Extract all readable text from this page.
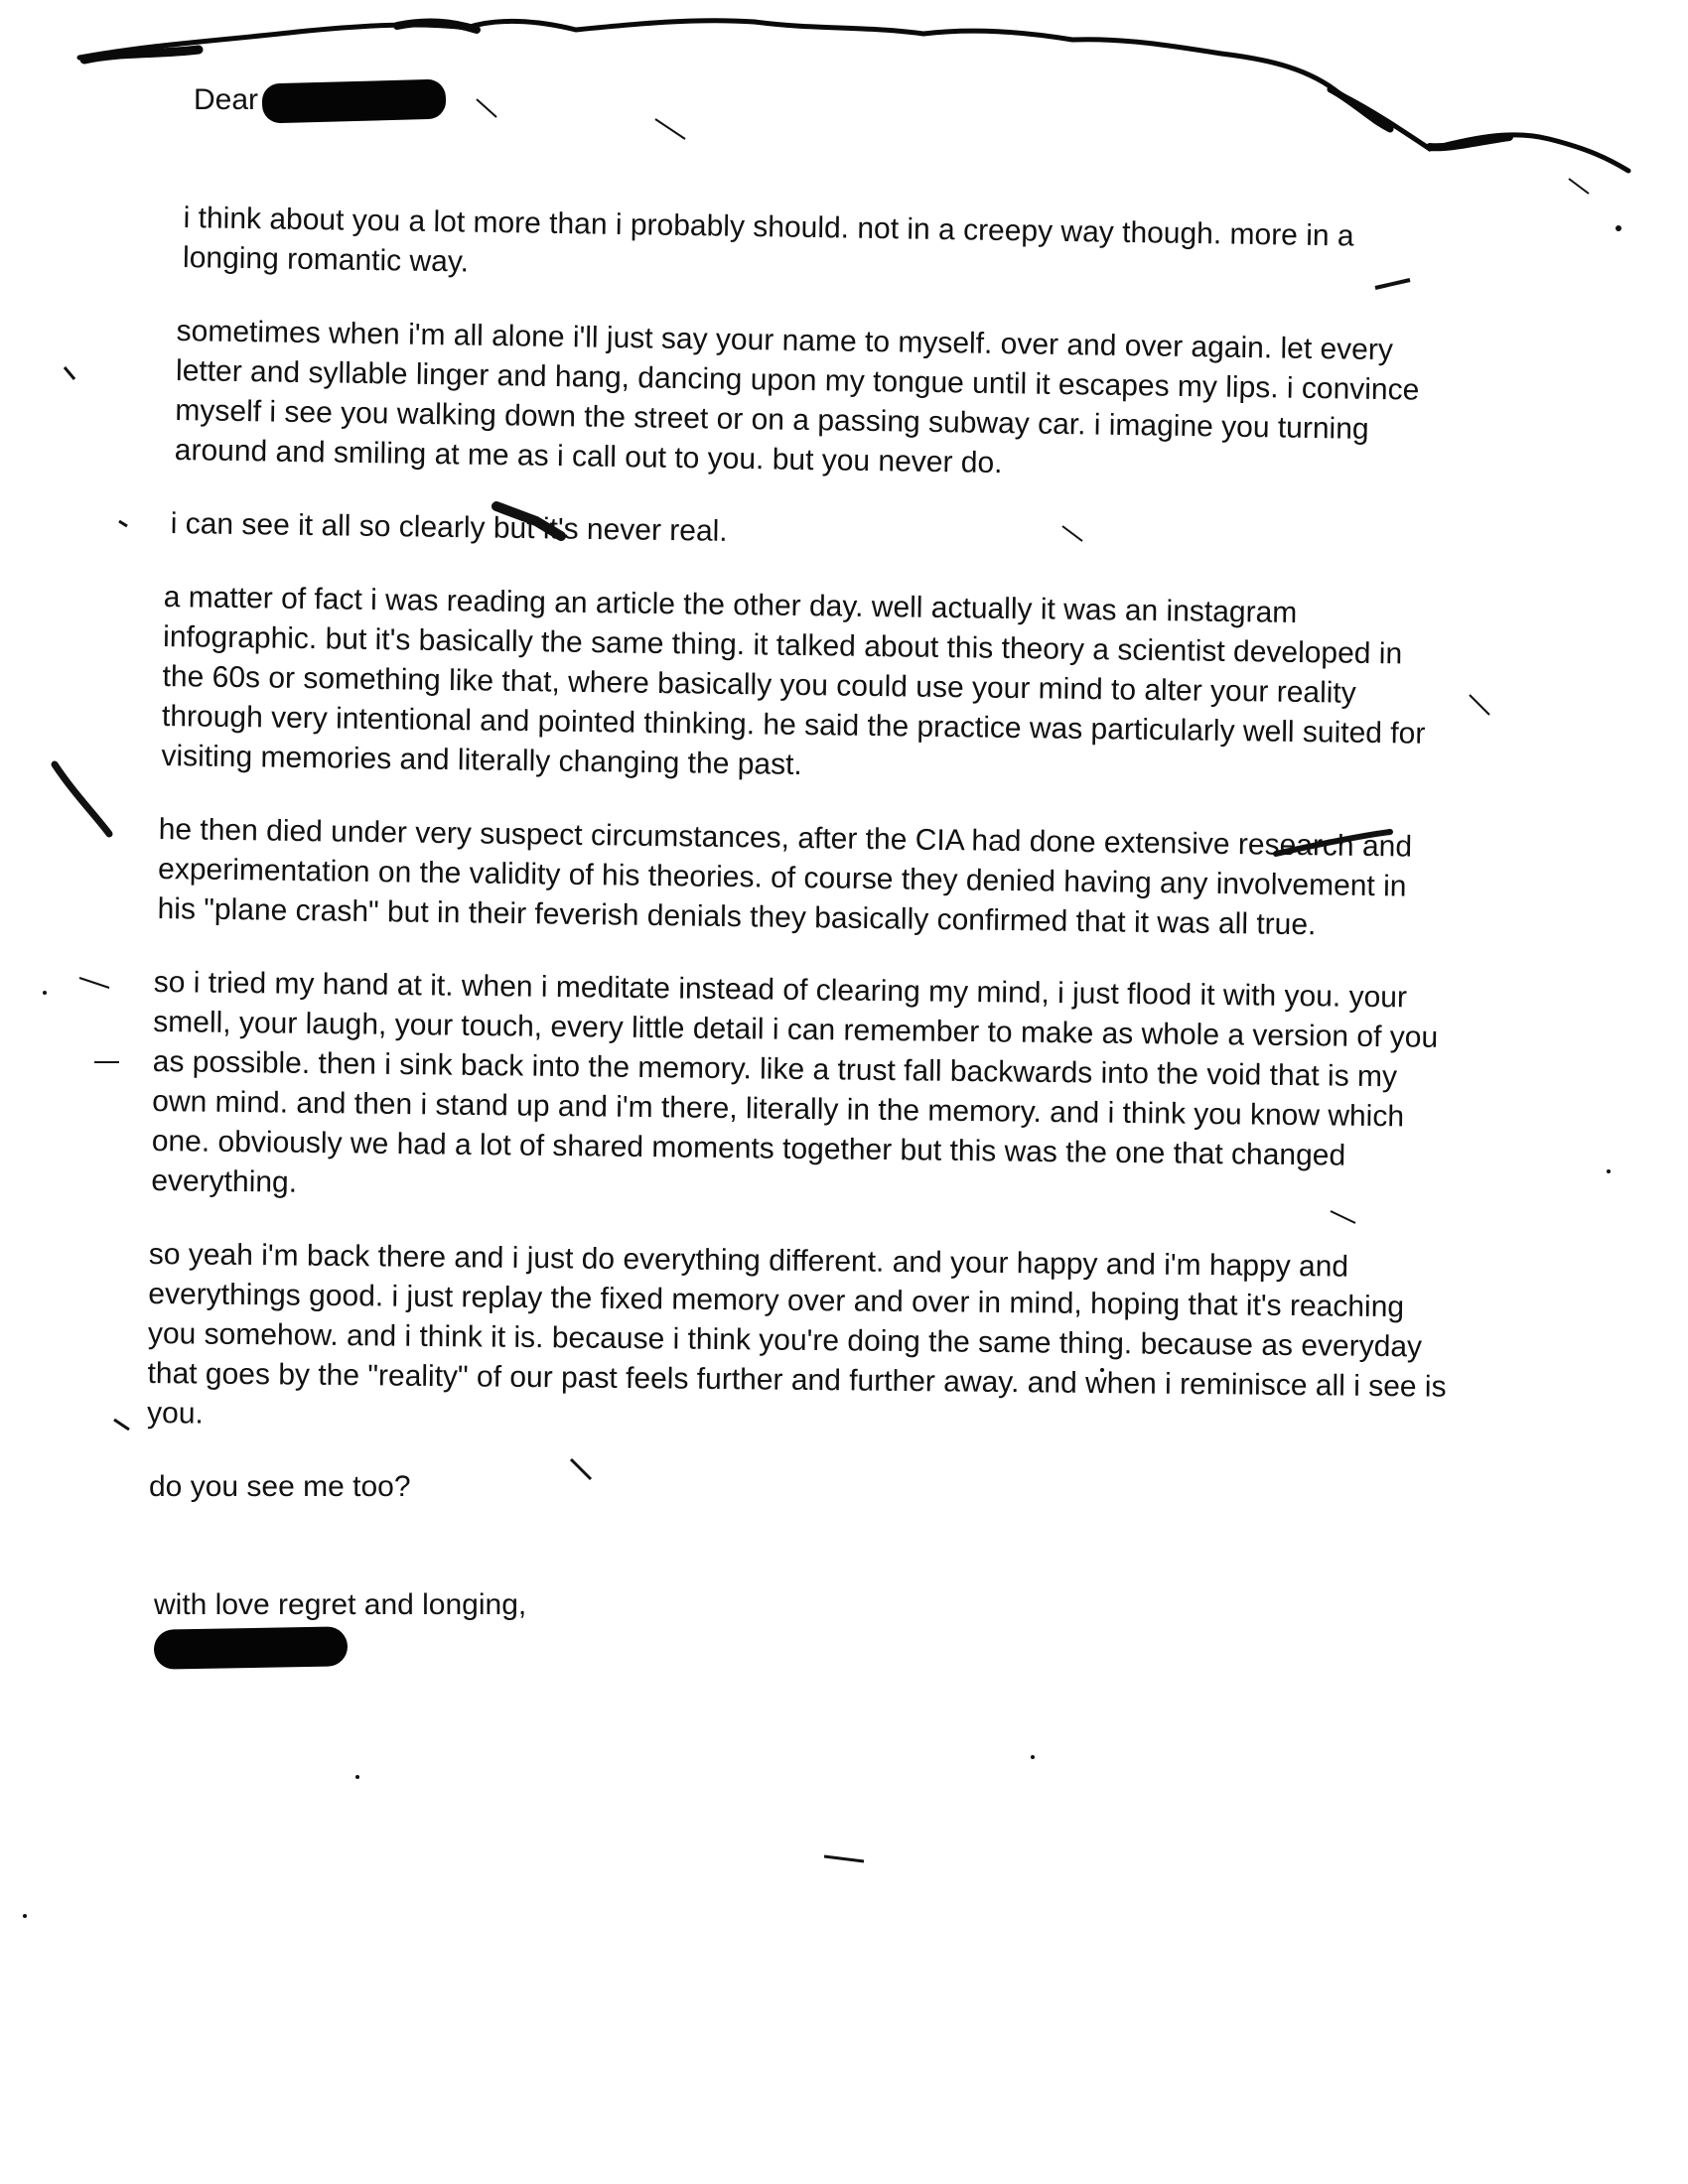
Dear

i think about you a lot more than i probably should. not in a creepy way though. more in a longing romantic way.

sometimes when i'm all alone i'll just say your name to myself. over and over again. let every letter and syllable linger and hang, dancing upon my tongue until it escapes my lips. i convince myself i see you walking down the street or on a passing subway car. i imagine you turning around and smiling at me as i call out to you. but you never do.

i can see it all so clearly but it's never real.

a matter of fact i was reading an article the other day. well actually it was an instagram infographic. but it's basically the same thing. it talked about this theory a scientist developed in the 60s or something like that, where basically you could use your mind to alter your reality through very intentional and pointed thinking. he said the practice was particularly well suited for visiting memories and literally changing the past.

he then died under very suspect circumstances, after the CIA had done extensive research and experimentation on the validity of his theories. of course they denied having any involvement in his "plane crash" but in their feverish denials they basically confirmed that it was all true.

so i tried my hand at it. when i meditate instead of clearing my mind, i just flood it with you. your smell, your laugh, your touch, every little detail i can remember to make as whole a version of you as possible. then i sink back into the memory. like a trust fall backwards into the void that is my own mind. and then i stand up and i'm there, literally in the memory. and i think you know which one. obviously we had a lot of shared moments together but this was the one that changed everything.

so yeah i'm back there and i just do everything different. and your happy and i'm happy and everythings good. i just replay the fixed memory over and over in mind, hoping that it's reaching you somehow. and i think it is. because i think you're doing the same thing. because as everyday that goes by the "reality" of our past feels further and further away. and when i reminisce all i see is you.

do you see me too?

with love regret and longing,
